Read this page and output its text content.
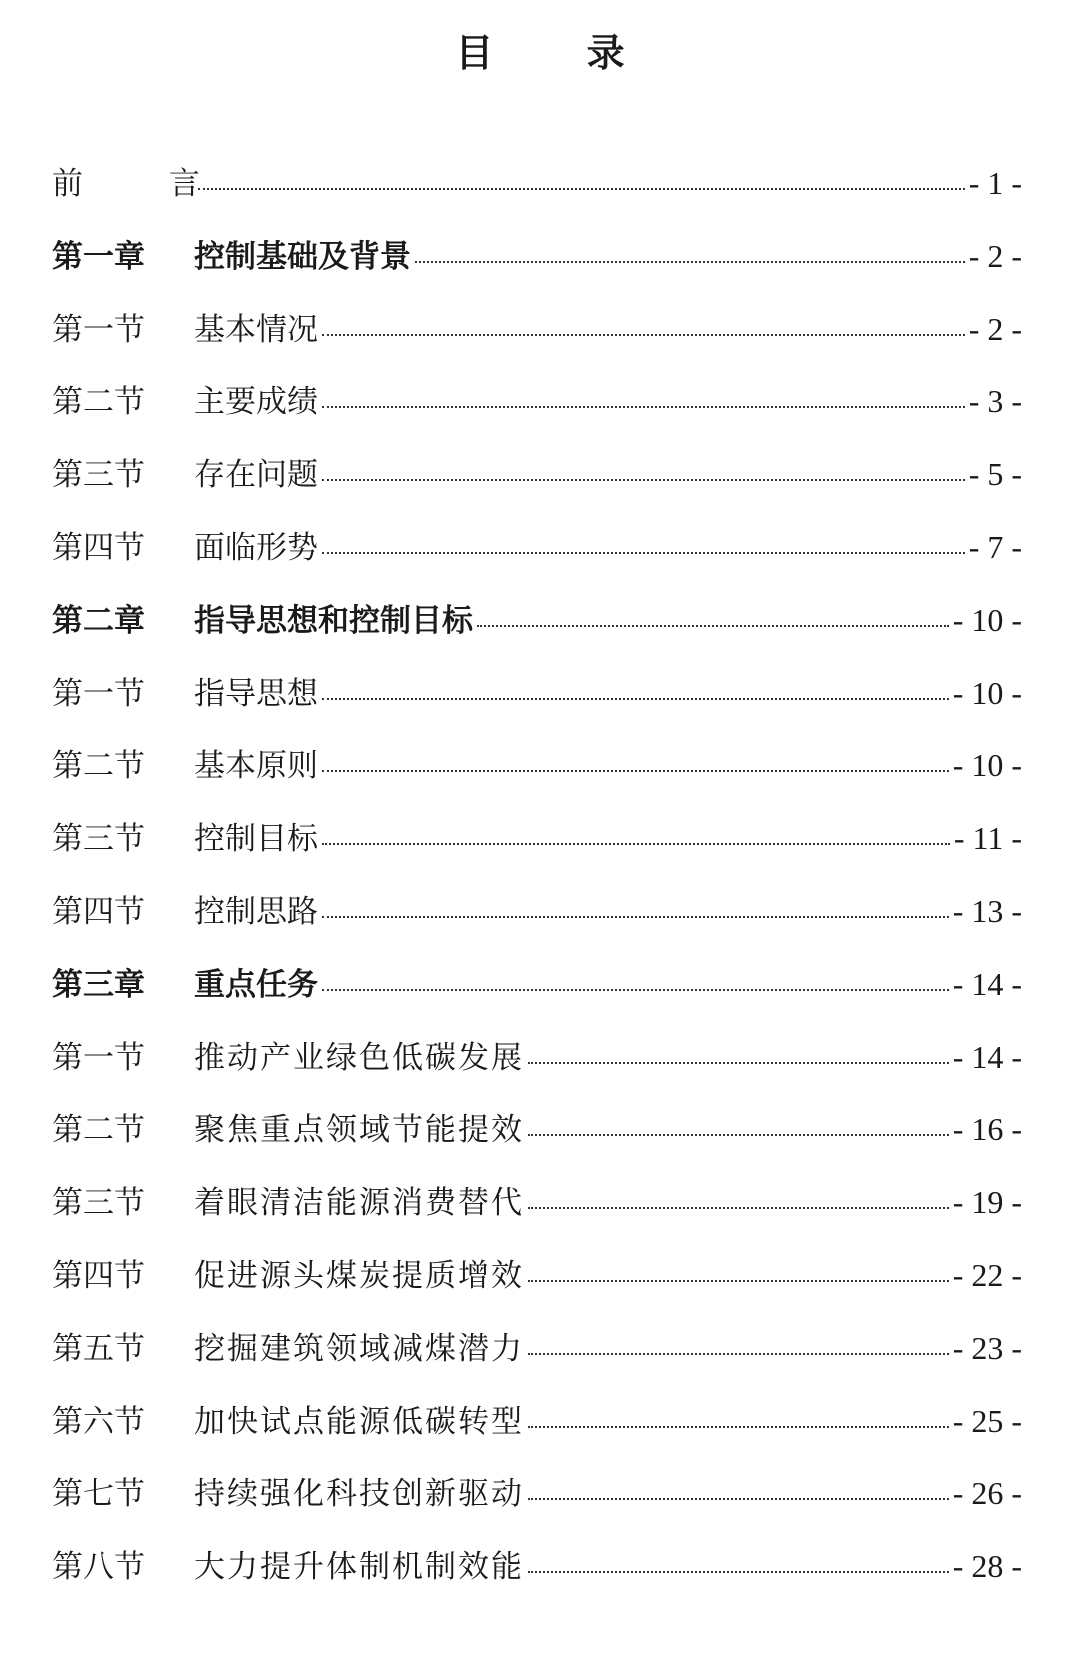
目 录
前 言	- 1 -
第一章	控制基础及背景	- 2 -
第一节	基本情况	- 2 -
第二节	主要成绩	- 3 -
第三节	存在问题	- 5 -
第四节	面临形势	- 7 -
第二章	指导思想和控制目标	- 10 -
第一节	指导思想	- 10 -
第二节	基本原则	- 10 -
第三节	控制目标	- 11 -
第四节	控制思路	- 13 -
第三章	重点任务	- 14 -
第一节	推动产业绿色低碳发展	- 14 -
第二节	聚焦重点领域节能提效	- 16 -
第三节	着眼清洁能源消费替代	- 19 -
第四节	促进源头煤炭提质增效	- 22 -
第五节	挖掘建筑领域减煤潜力	- 23 -
第六节	加快试点能源低碳转型	- 25 -
第七节	持续强化科技创新驱动	- 26 -
第八节	大力提升体制机制效能	- 28 -
